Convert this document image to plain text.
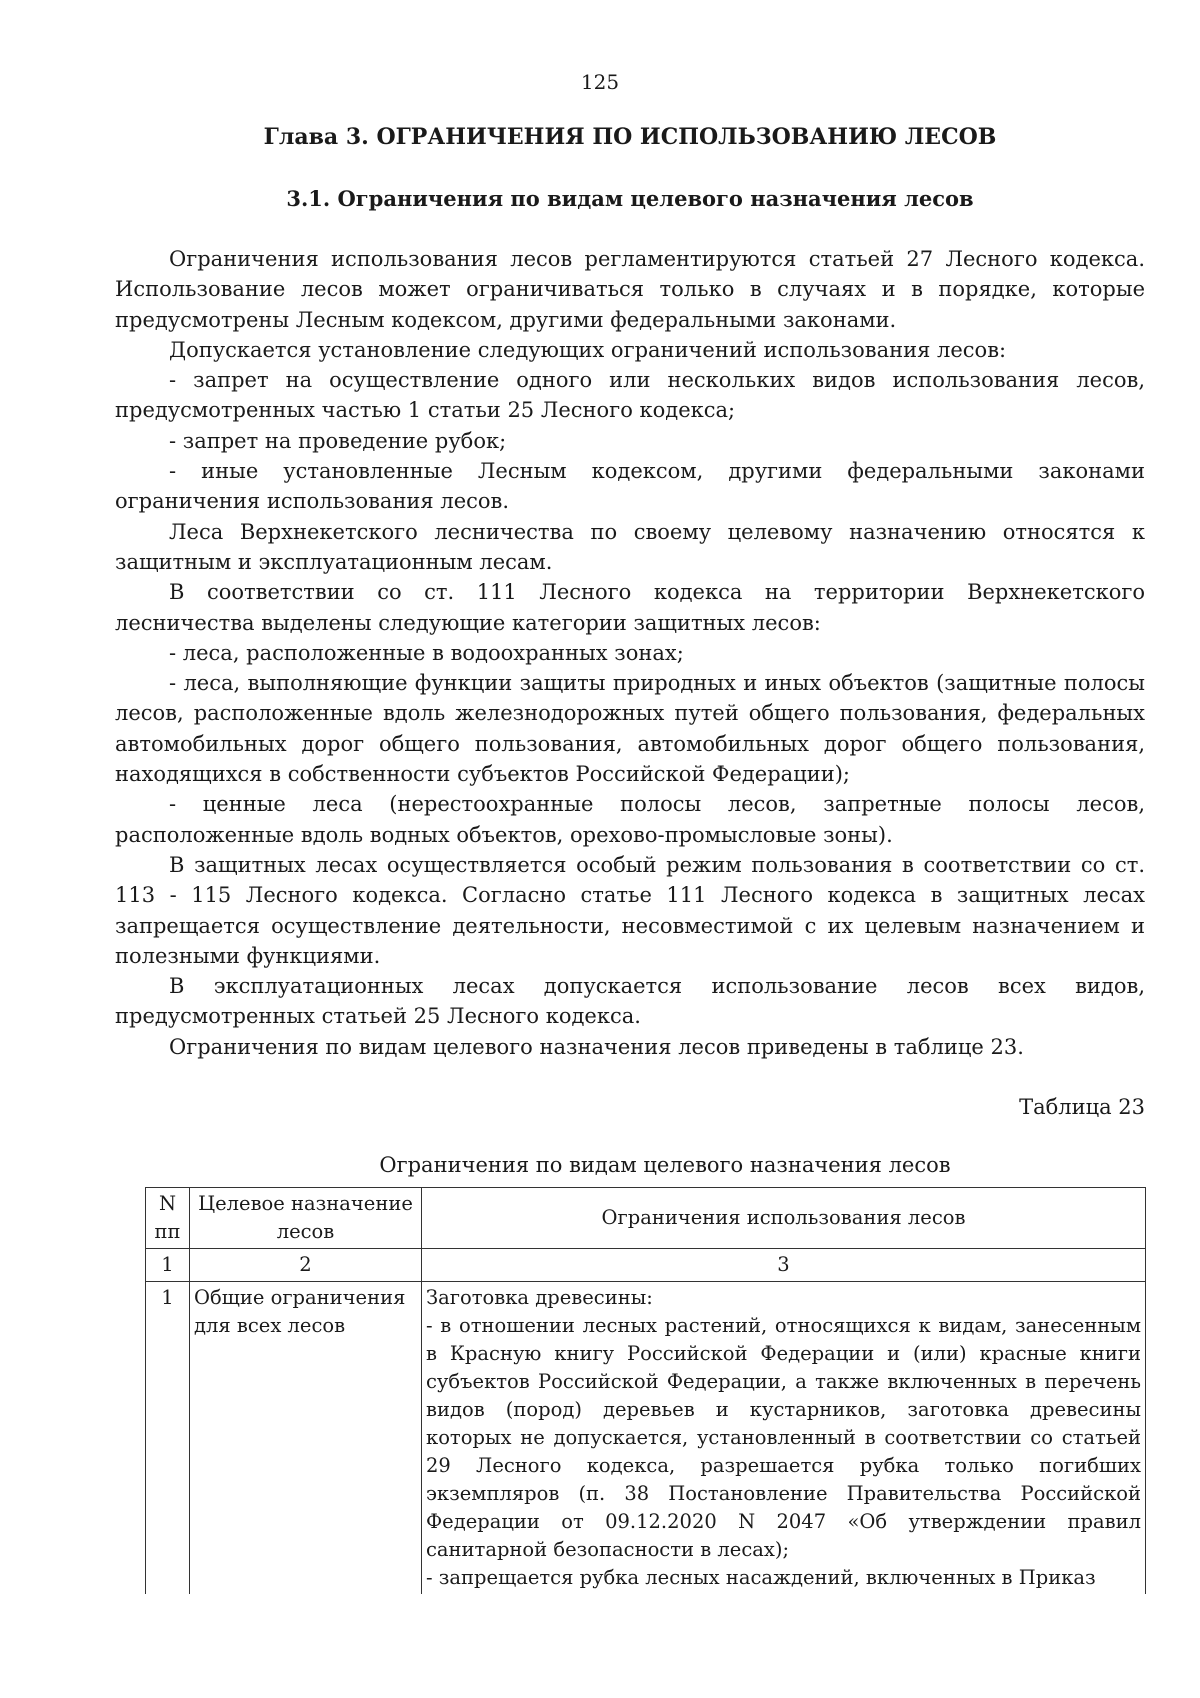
125
Глава 3. ОГРАНИЧЕНИЯ ПО ИСПОЛЬЗОВАНИЮ ЛЕСОВ
3.1. Ограничения по видам целевого назначения лесов

Ограничения использования лесов регламентируются статьей 27 Лесного кодекса. Использование лесов может ограничиваться только в случаях и в порядке, которые предусмотрены Лесным кодексом, другими федеральными законами.

Допускается установление следующих ограничений использования лесов:

- запрет на осуществление одного или нескольких видов использования лесов, предусмотренных частью 1 статьи 25 Лесного кодекса;

- запрет на проведение рубок;

- иные установленные Лесным кодексом, другими федеральными законами ограничения использования лесов.

Леса Верхнекетского лесничества по своему целевому назначению относятся к защитным и эксплуатационным лесам.

В соответствии со ст. 111 Лесного кодекса на территории Верхнекетского лесничества выделены следующие категории защитных лесов:

- леса, расположенные в водоохранных зонах;

- леса, выполняющие функции защиты природных и иных объектов (защитные полосы лесов, расположенные вдоль железнодорожных путей общего пользования, федеральных автомобильных дорог общего пользования, автомобильных дорог общего пользования, находящихся в собственности субъектов Российской Федерации);

- ценные леса (нерестоохранные полосы лесов, запретные полосы лесов, расположенные вдоль водных объектов, орехово-промысловые зоны).

В защитных лесах осуществляется особый режим пользования в соответствии со ст. 113 - 115 Лесного кодекса. Согласно статье 111 Лесного кодекса в защитных лесах запрещается осуществление деятельности, несовместимой с их целевым назначением и полезными функциями.

В эксплуатационных лесах допускается использование лесов всех видов, предусмотренных статьей 25 Лесного кодекса.

Ограничения по видам целевого назначения лесов приведены в таблице 23.

Таблица 23
Ограничения по видам целевого назначения лесов
N пп	Целевое назначение лесов	Ограничения использования лесов
1	2	3
1	Общие ограничения для всех лесов	Заготовка древесины:

- в отношении лесных растений, относящихся к видам, занесенным в Красную книгу Российской Федерации и (или) красные книги субъектов Российской Федерации, а также включенных в перечень видов (пород) деревьев и кустарников, заготовка древесины которых не допускается, установленный в соответствии со статьей 29 Лесного кодекса, разрешается рубка только погибших экземпляров (п. 38 Постановление Правительства Российской Федерации от 09.12.2020 N 2047 «Об утверждении правил санитарной безопасности в лесах);

- запрещается рубка лесных насаждений, включенных в Приказ
